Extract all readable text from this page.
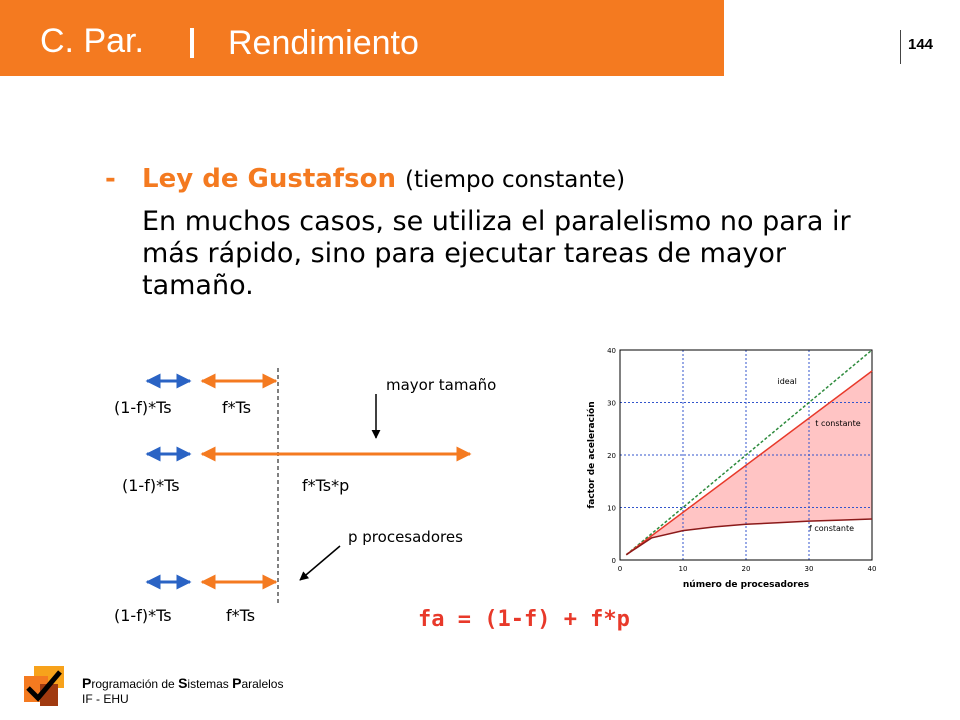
C. Par. Rendimiento	144
- Ley de Gustafson (tiempo constante)
En muchos casos, se utiliza el paralelismo no para ir más rápido, sino para ejecutar tareas de mayor tamaño.
(1-f)*Ts	f*Ts
(1-f)*Ts	f*Ts*p
(1-f)*Ts	f*Ts
mayor tamaño
p procesadores
0	10	20	30	40
0
10
20
30
40
ideal
t constante
f constante
número de procesadores
factor de aceleración
fa = (1-f) + f*p
Programación de Sistemas Paralelos
IF - EHU
